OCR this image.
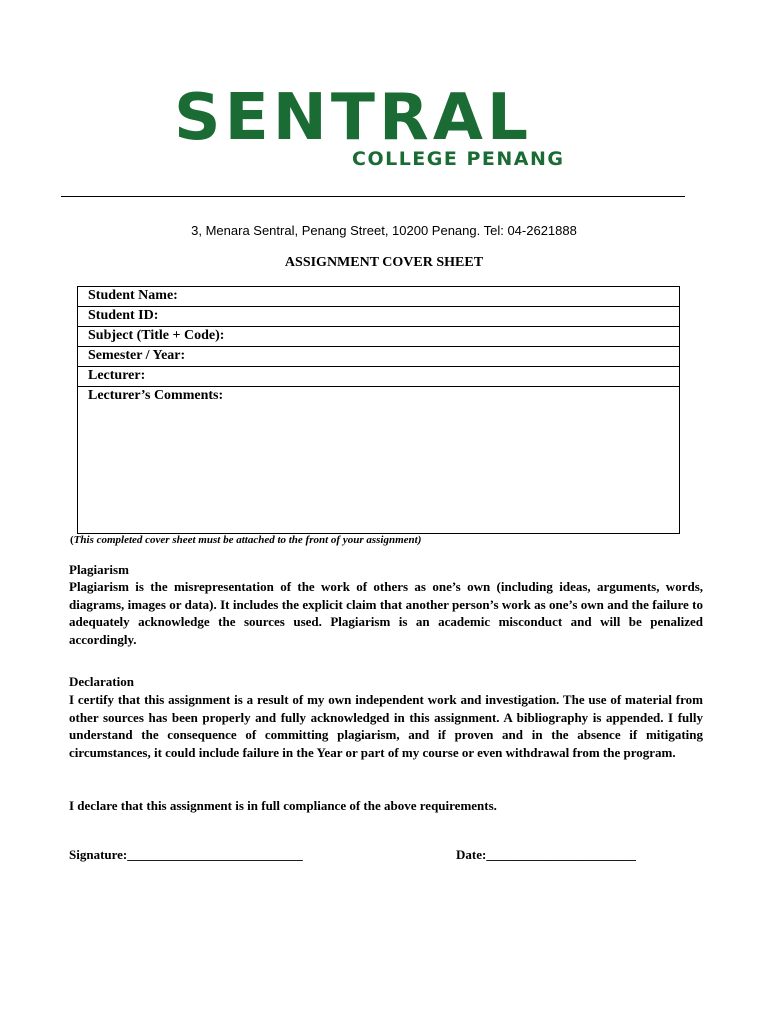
SENTRAL
COLLEGE PENANG
3, Menara Sentral, Penang Street, 10200 Penang. Tel: 04-2621888
ASSIGNMENT COVER SHEET
Student Name:
Student ID:
Subject (Title + Code):
Semester / Year:
Lecturer:
Lecturer’s Comments:
(This completed cover sheet must be attached to the front of your assignment)
Plagiarism
Plagiarism is the misrepresentation of the work of others as one’s own (including ideas, arguments, words, diagrams, images or data). It includes the explicit claim that another person’s work as one’s own and the failure to adequately acknowledge the sources used. Plagiarism is an academic misconduct and will be penalized accordingly.
Declaration
I certify that this assignment is a result of my own independent work and investigation. The use of material from other sources has been properly and fully acknowledged in this assignment. A bibliography is appended. I fully understand the consequence of committing plagiarism, and if proven and in the absence if mitigating circumstances, it could include failure in the Year or part of my course or even withdrawal from the program.
I declare that this assignment is in full compliance of the above requirements.
Signature:___________________________	Date:_______________________
